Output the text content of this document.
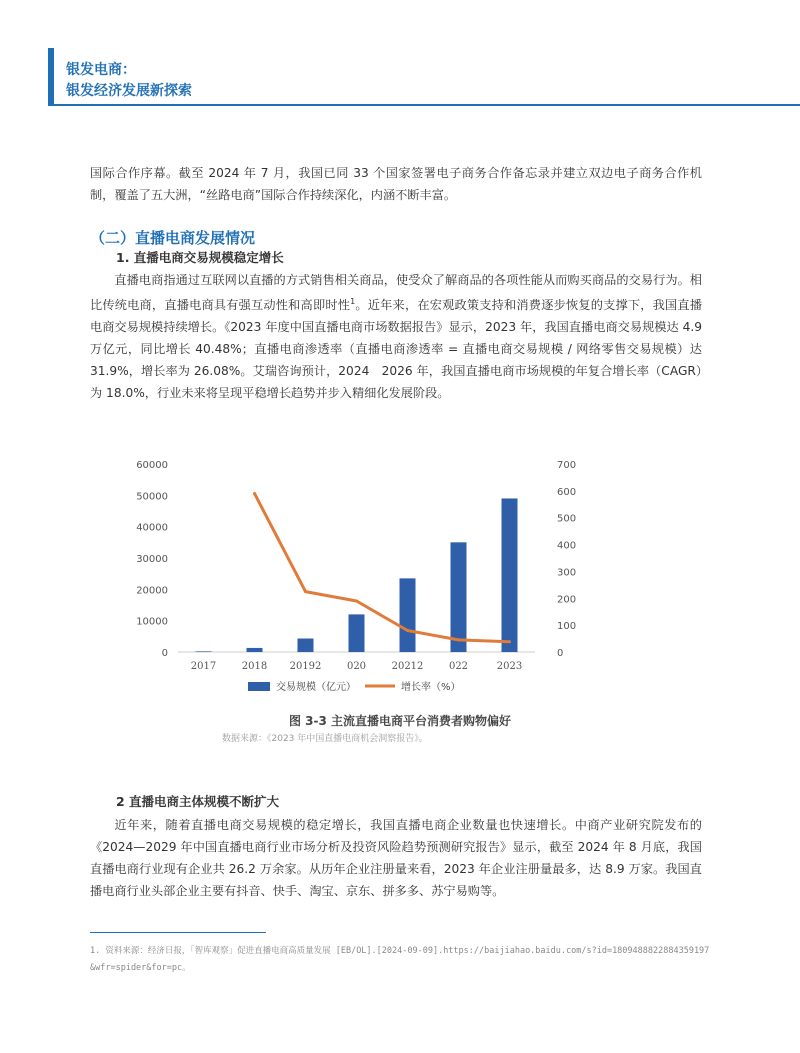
银发电商：
银发经济发展新探索

国际合作序幕。截至 2024 年 7 月，我国已同 33 个国家签署电子商务合作备忘录并建立双边电子商务合作机制，覆盖了五大洲，“丝路电商”国际合作持续深化，内涵不断丰富。

（二）直播电商发展情况
1. 直播电商交易规模稳定增长

直播电商指通过互联网以直播的方式销售相关商品，使受众了解商品的各项性能从而购买商品的交易行为。相比传统电商，直播电商具有强互动性和高即时性$^1$。近年来，在宏观政策支持和消费逐步恢复的支撑下，我国直播电商交易规模持续增长。《2023 年度中国直播电商市场数据报告》显示，2023 年，我国直播电商交易规模达 4.9 万亿元，同比增长 40.48%；直播电商渗透率（直播电商渗透率 = 直播电商交易规模 / 网络零售交易规模）达 31.9%，增长率为 26.08%。艾瑞咨询预计，2024　2026 年，我国直播电商市场规模的年复合增长率（CAGR）为 18.0%，行业未来将呈现平稳增长趋势并步入精细化发展阶段。

0
10000
20000
30000
40000
50000
60000
0
100
200
300
400
500
600
700
2017	2018 20192	020	20212	022	2023
交易规模（亿元）	增长率（%）
图 3-3 主流直播电商平台消费者购物偏好
数据来源：《2023 年中国直播电商机会洞察报告》。
2 直播电商主体规模不断扩大

近年来，随着直播电商交易规模的稳定增长，我国直播电商企业数量也快速增长。中商产业研究院发布的《2024—2029 年中国直播电商行业市场分析及投资风险趋势预测研究报告》显示，截至 2024 年 8 月底，我国直播电商行业现有企业共 26.2 万余家。从历年企业注册量来看，2023 年企业注册量最多，达 8.9 万家。我国直播电商行业头部企业主要有抖音、快手、淘宝、京东、拼多多、苏宁易购等。

1. 资料来源：经济日报，「智库观察」促进直播电商高质量发展 [EB/OL].[2024-09-09].https://baijiahao.baidu.com/s?id=1809488822884359197&wfr=spider&for=pc。
